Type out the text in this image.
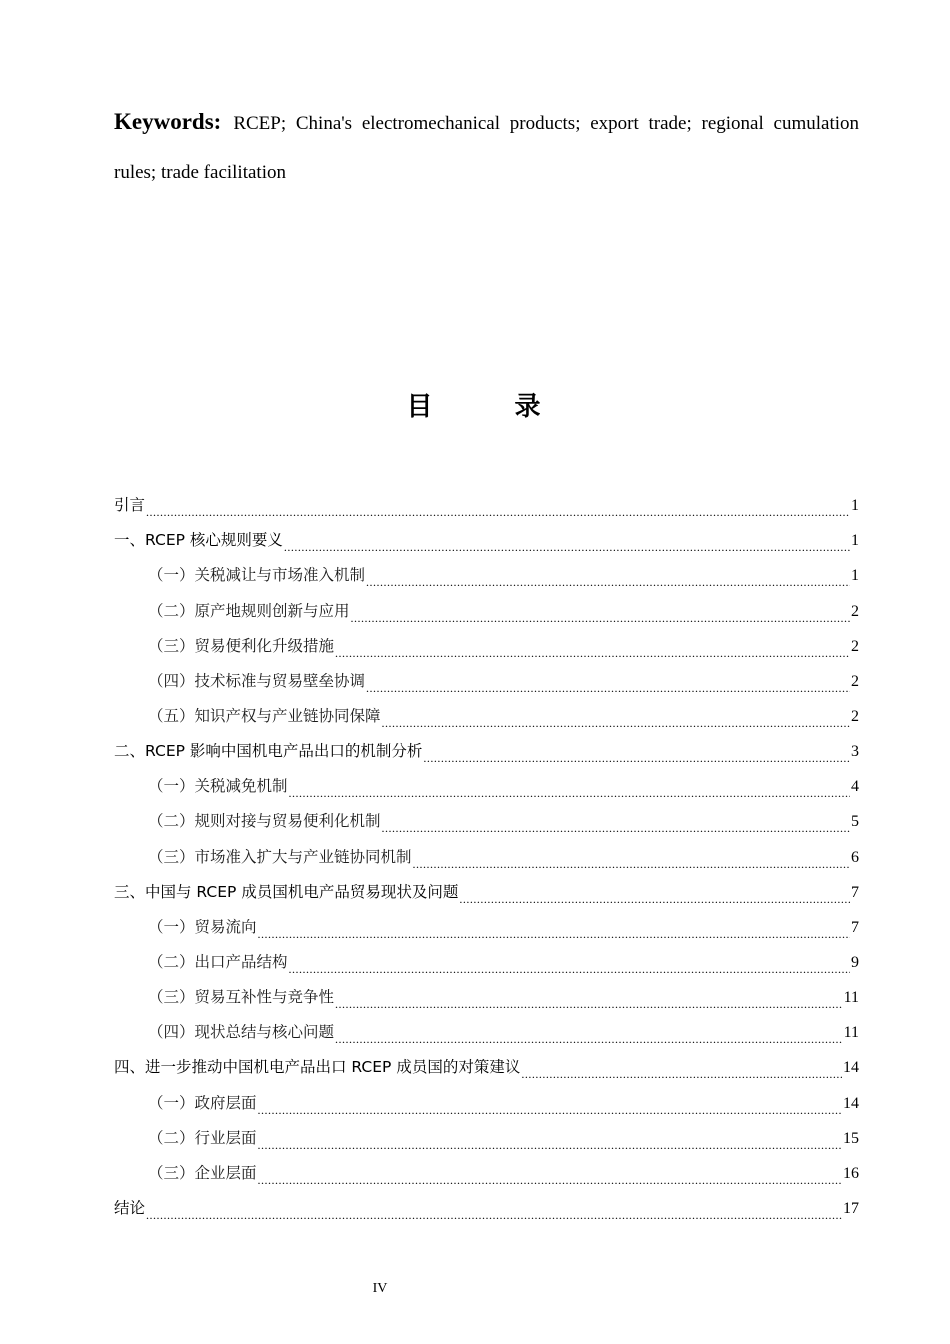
Keywords: RCEP; China's electromechanical products; export trade; regional cumulation rules; trade facilitation
目　录
引言 .....	1
一、RCEP 核心规则要义 .....	1
（一）关税减让与市场准入机制 .....	1
（二）原产地规则创新与应用 .....	2
（三）贸易便利化升级措施 .....	2
（四）技术标准与贸易壁垒协调 .....	2
（五）知识产权与产业链协同保障 .....	2
二、RCEP 影响中国机电产品出口的机制分析 .....	3
（一）关税减免机制 .....	4
（二）规则对接与贸易便利化机制 .....	5
（三）市场准入扩大与产业链协同机制 .....	6
三、中国与 RCEP 成员国机电产品贸易现状及问题 .....	7
（一）贸易流向 .....	7
（二）出口产品结构 .....	9
（三）贸易互补性与竞争性 .....	11
（四）现状总结与核心问题 .....	11
四、进一步推动中国机电产品出口 RCEP 成员国的对策建议 .....	14
（一）政府层面 .....	14
（二）行业层面 .....	15
（三）企业层面 .....	16
结论 .....	17
IV
